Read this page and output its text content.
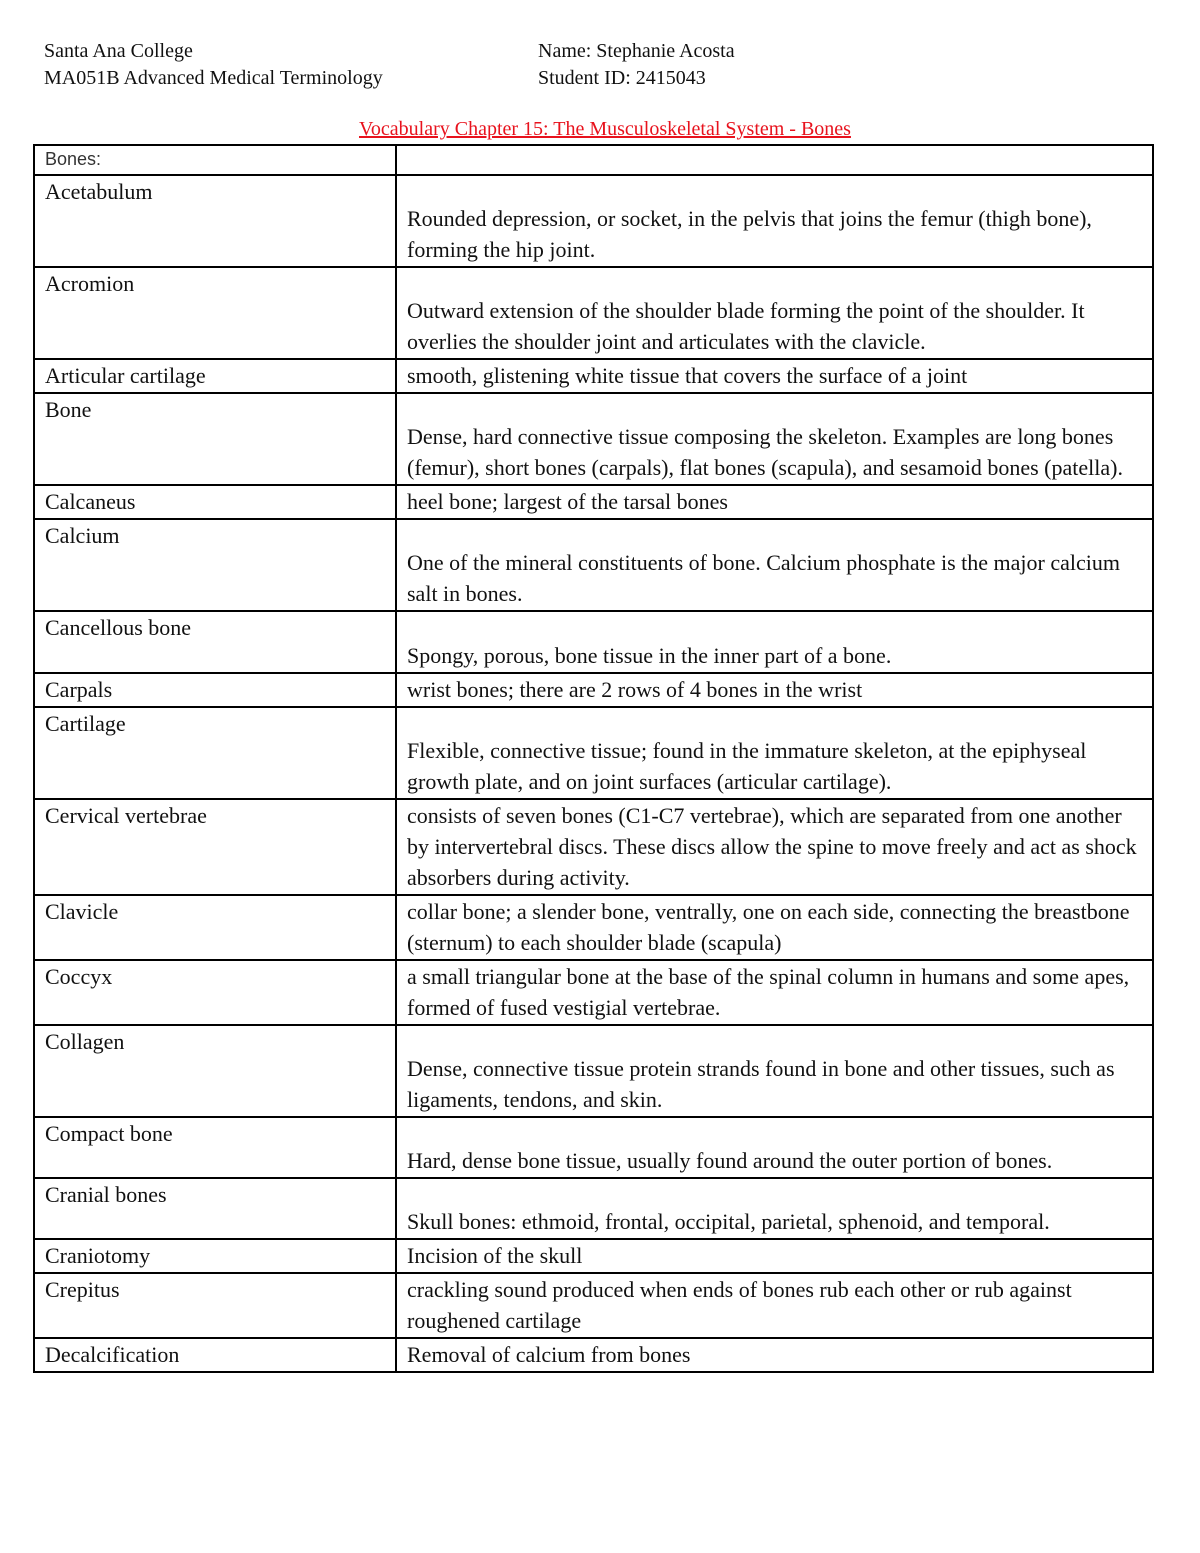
Santa Ana College
MA051B Advanced Medical Terminology
Name: Stephanie Acosta
Student ID: 2415043
Vocabulary Chapter 15: The Musculoskeletal System - Bones
Bones:	
Acetabulum	Rounded depression, or socket, in the pelvis that joins the femur (thigh bone), forming the hip joint.
Acromion	Outward extension of the shoulder blade forming the point of the shoulder. It overlies the shoulder joint and articulates with the clavicle.
Articular cartilage	smooth, glistening white tissue that covers the surface of a joint
Bone	Dense, hard connective tissue composing the skeleton. Examples are long bones (femur), short bones (carpals), flat bones (scapula), and sesamoid bones (patella).
Calcaneus	heel bone; largest of the tarsal bones
Calcium	One of the mineral constituents of bone. Calcium phosphate is the major calcium salt in bones.
Cancellous bone	Spongy, porous, bone tissue in the inner part of a bone.
Carpals	wrist bones; there are 2 rows of 4 bones in the wrist
Cartilage	Flexible, connective tissue; found in the immature skeleton, at the epiphyseal growth plate, and on joint surfaces (articular cartilage).
Cervical vertebrae	consists of seven bones (C1-C7 vertebrae), which are separated from one another by intervertebral discs. These discs allow the spine to move freely and act as shock absorbers during activity.
Clavicle	collar bone; a slender bone, ventrally, one on each side, connecting the breastbone (sternum) to each shoulder blade (scapula)
Coccyx	a small triangular bone at the base of the spinal column in humans and some apes, formed of fused vestigial vertebrae.
Collagen	Dense, connective tissue protein strands found in bone and other tissues, such as ligaments, tendons, and skin.
Compact bone	Hard, dense bone tissue, usually found around the outer portion of bones.
Cranial bones	Skull bones: ethmoid, frontal, occipital, parietal, sphenoid, and temporal.
Craniotomy	Incision of the skull
Crepitus	crackling sound produced when ends of bones rub each other or rub against roughened cartilage
Decalcification	Removal of calcium from bones
